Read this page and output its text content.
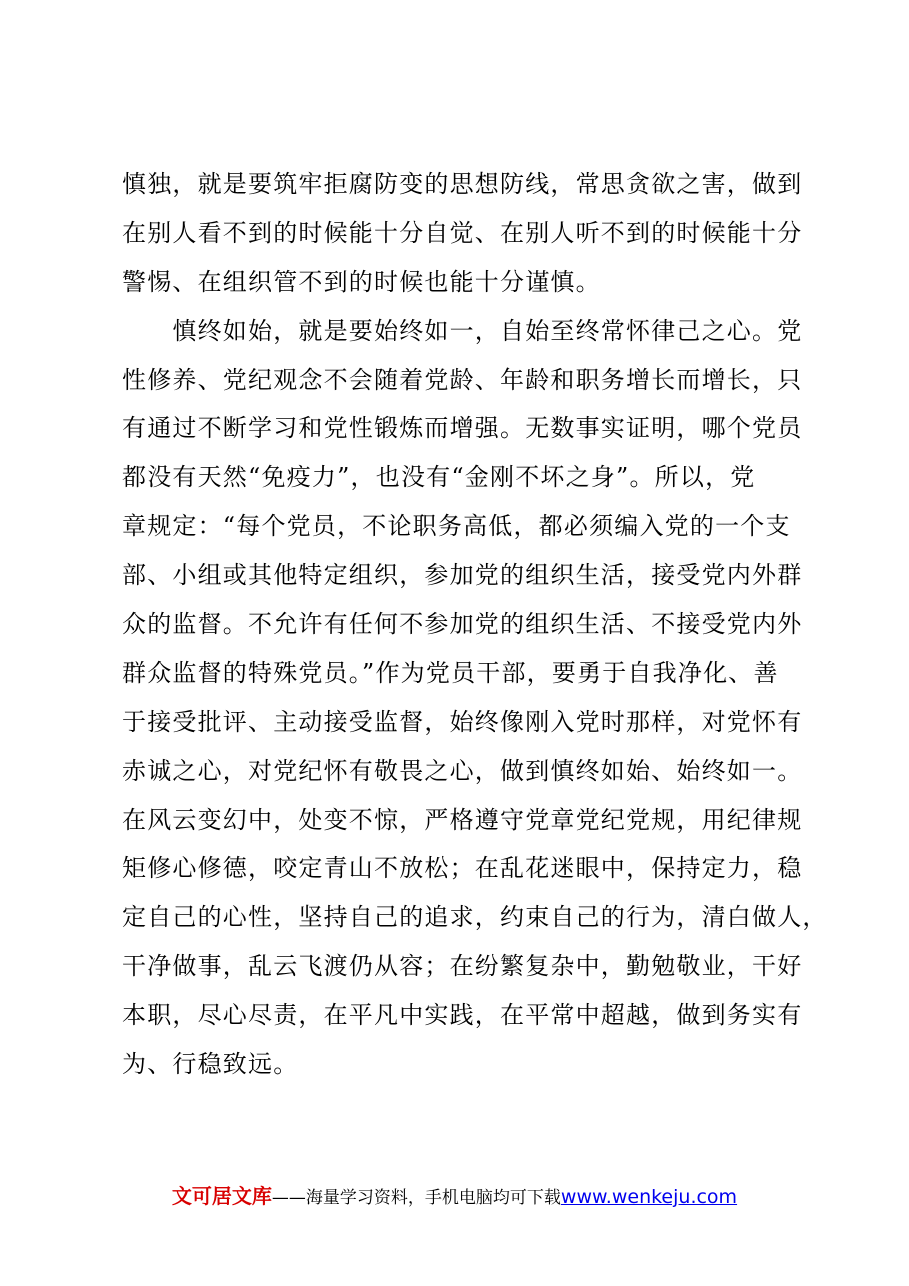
慎独，就是要筑牢拒腐防变的思想防线，常思贪欲之害，做到
在别人看不到的时候能十分自觉、在别人听不到的时候能十分
警惕、在组织管不到的时候也能十分谨慎。
　　慎终如始，就是要始终如一，自始至终常怀律己之心。党
性修养、党纪观念不会随着党龄、年龄和职务增长而增长，只
有通过不断学习和党性锻炼而增强。无数事实证明，哪个党员
都没有天然“免疫力”，也没有“金刚不坏之身”。所以，党
章规定：“每个党员，不论职务高低，都必须编入党的一个支
部、小组或其他特定组织，参加党的组织生活，接受党内外群
众的监督。不允许有任何不参加党的组织生活、不接受党内外
群众监督的特殊党员。”作为党员干部，要勇于自我净化、善
于接受批评、主动接受监督，始终像刚入党时那样，对党怀有
赤诚之心，对党纪怀有敬畏之心，做到慎终如始、始终如一。
在风云变幻中，处变不惊，严格遵守党章党纪党规，用纪律规
矩修心修德，咬定青山不放松；在乱花迷眼中，保持定力，稳
定自己的心性，坚持自己的追求，约束自己的行为，清白做人，
干净做事，乱云飞渡仍从容；在纷繁复杂中，勤勉敬业，干好
本职，尽心尽责，在平凡中实践，在平常中超越，做到务实有
为、行稳致远。
文可居文库——海量学习资料，手机电脑均可下载www.wenkeju.com
